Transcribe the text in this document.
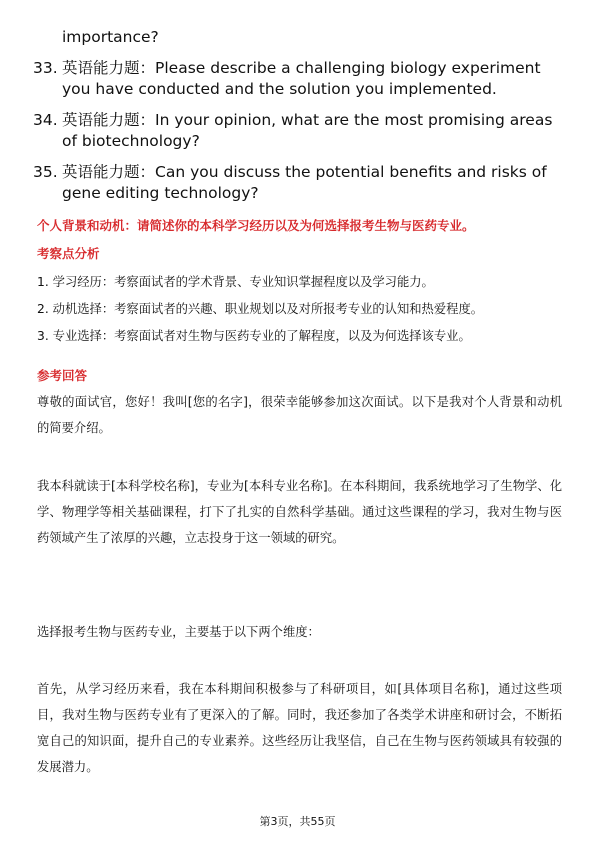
importance?

33. 英语能力题：Please describe a challenging biology experiment you have conducted and the solution you implemented.
34. 英语能力题：In your opinion, what are the most promising areas of biotechnology?
35. 英语能力题：Can you discuss the potential benefits and risks of gene editing technology?
个人背景和动机：请简述你的本科学习经历以及为何选择报考生物与医药专业。
考察点分析
1. 学习经历：考察面试者的学术背景、专业知识掌握程度以及学习能力。
2. 动机选择：考察面试者的兴趣、职业规划以及对所报考专业的认知和热爱程度。
3. 专业选择：考察面试者对生物与医药专业的了解程度，以及为何选择该专业。
参考回答
尊敬的面试官，您好！我叫[您的名字]，很荣幸能够参加这次面试。以下是我对个人背景和动机的简要介绍。
我本科就读于[本科学校名称]，专业为[本科专业名称]。在本科期间，我系统地学习了生物学、化学、物理学等相关基础课程，打下了扎实的自然科学基础。通过这些课程的学习，我对生物与医药领域产生了浓厚的兴趣，立志投身于这一领域的研究。
选择报考生物与医药专业，主要基于以下两个维度：
首先，从学习经历来看，我在本科期间积极参与了科研项目，如[具体项目名称]，通过这些项目，我对生物与医药专业有了更深入的了解。同时，我还参加了各类学术讲座和研讨会，不断拓宽自己的知识面，提升自己的专业素养。这些经历让我坚信，自己在生物与医药领域具有较强的发展潜力。
第3页，共55页
